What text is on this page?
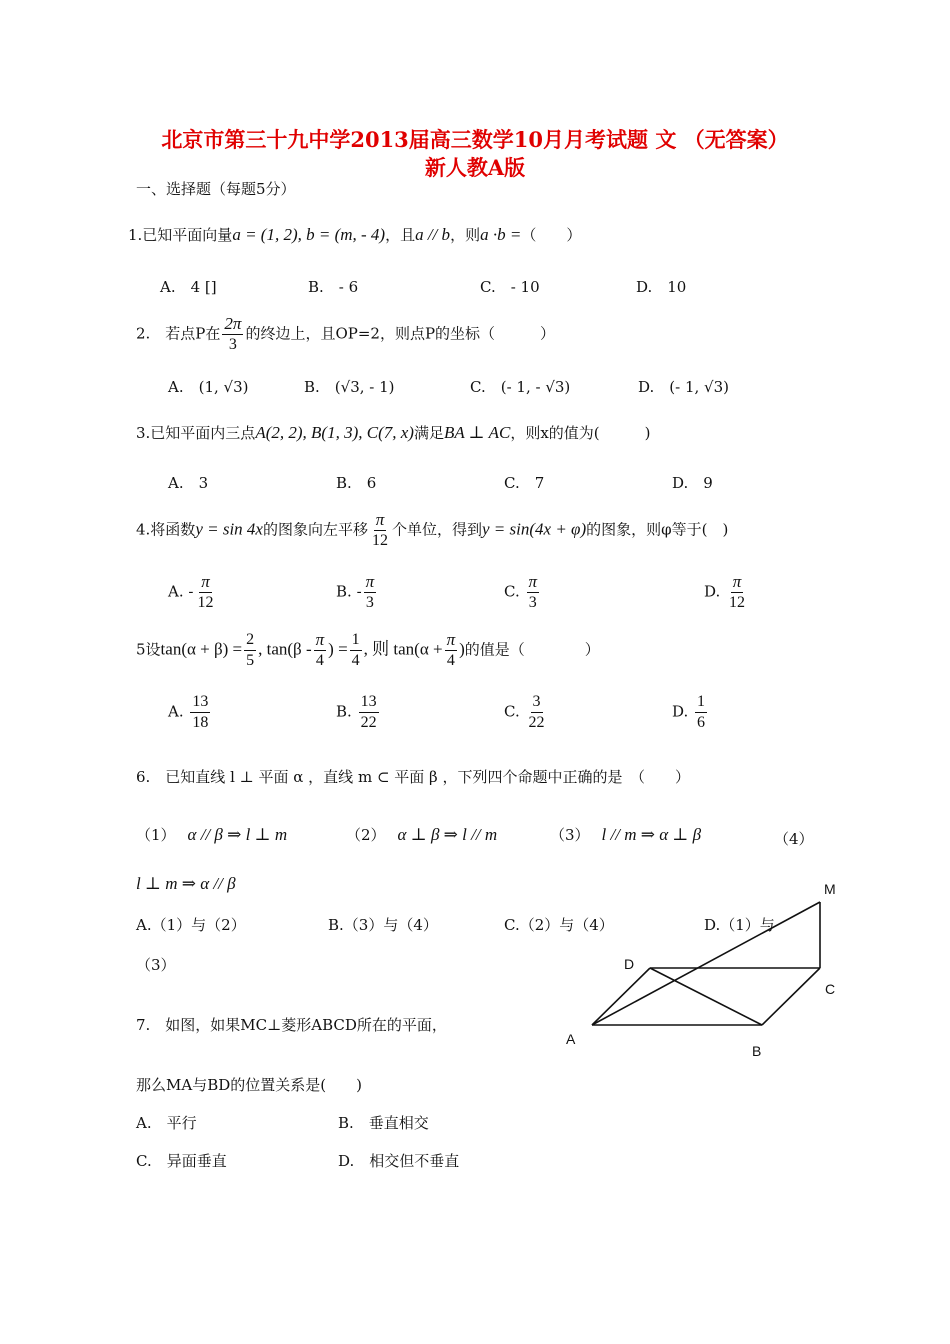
北京市第三十九中学2013届高三数学10月月考试题 文 （无答案）
新人教A版
一、选择题（每题5分）
1.已知平面向量a = (1, 2), b = (m, - 4)，且a // b，则a ·b =（　　）
A.　4 []	B.　- 6	C.　- 10	D.　10
2.　若点P在 $\frac{2\pi}{3}$ 的终边上，且OP=2，则点P的坐标（　　　）
A.　(1, √3)	B.　(√3, - 1)	C.　(- 1, - √3)	D.　(- 1, √3)
3.已知平面内三点A(2, 2), B(1, 3), C(7, x)满足BA ⊥ AC，则x的值为(　　　)
A.　3	B.　6	C.　7	D.　9
4.将函数y = sin 4x的图象向左平移 $\frac{\pi}{12}$ 个单位，得到y = sin(4x + φ)的图象，则φ等于(　)
A. - $\frac{\pi}{12}$	B. - $\frac{\pi}{3}$	C. $\frac{\pi}{3}$	D. $\frac{\pi}{12}$
5设$\tan(\alpha + \beta) = \frac{2}{5}$ , $\tan(\beta - \frac{\pi}{4}$ ) = $\frac{1}{4}$ , 则 $\tan(\alpha + \frac{\pi}{4}$ )的值是（　　　　）
A. $\frac{13}{18}$	B. $\frac{13}{22}$	C. $\frac{3}{22}$	D. $\frac{1}{6}$
6.　已知直线 l ⊥ 平面 α ，直线 m ⊂ 平面 β ，下列四个命题中正确的是　（　　）
（1） α // β ⇒ l ⊥ m	（2） α ⊥ β ⇒ l // m	（3） l // m ⇒ α ⊥ β	（4）
l ⊥ m ⇒ α // β
A.（1）与（2）	B.（3）与（4）	C.（2）与（4）	D.（1）与
（3）
M
D
C
A
B
7.　如图，如果MC⊥菱形ABCD所在的平面，
那么MA与BD的位置关系是(　　)
A.　平行	B.　垂直相交
C.　异面垂直	D.　相交但不垂直
